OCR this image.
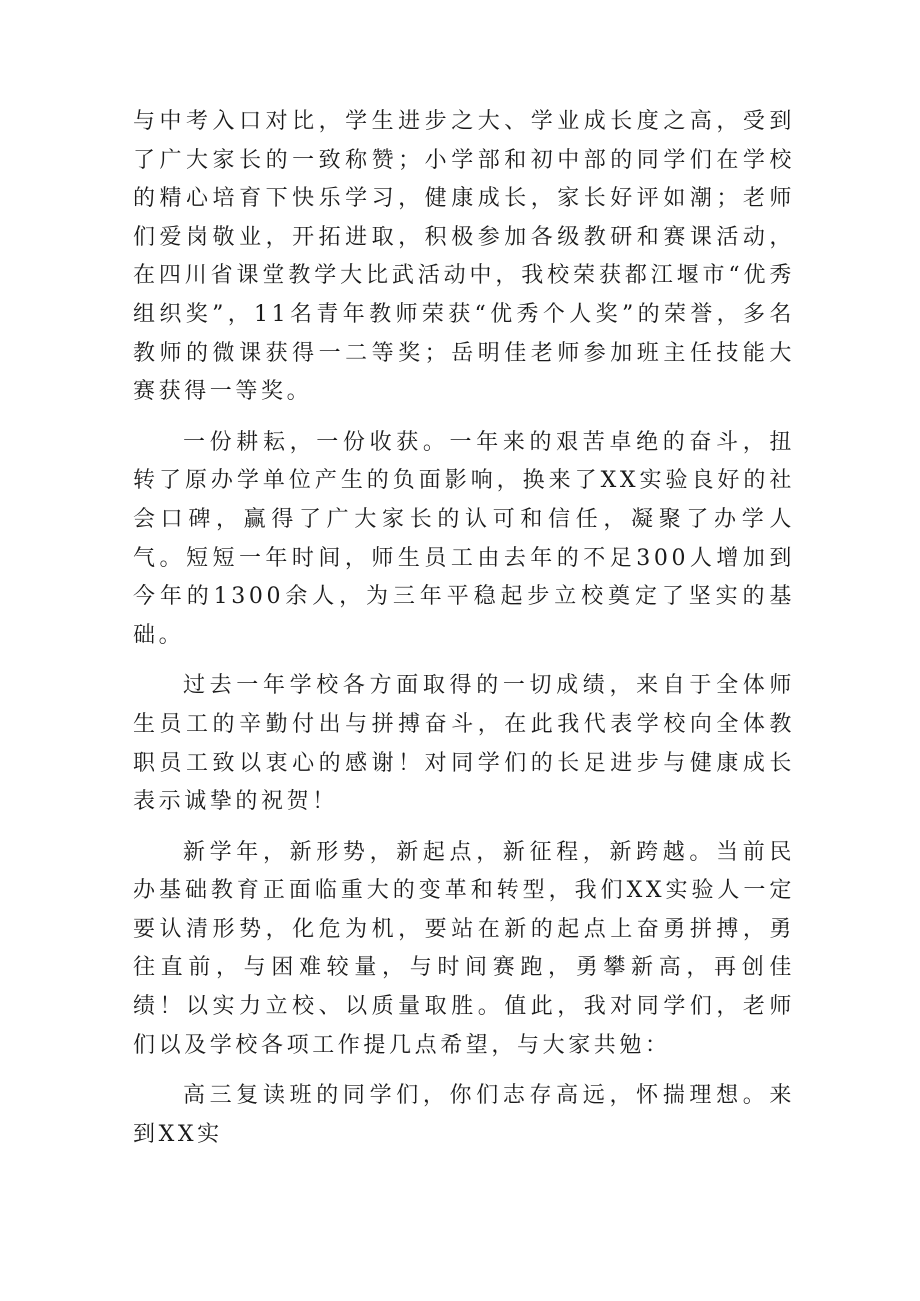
与中考入口对比，学生进步之大、学业成长度之高，受到了广大家长的一致称赞；小学部和初中部的同学们在学校的精心培育下快乐学习，健康成长，家长好评如潮；老师们爱岗敬业，开拓进取，积极参加各级教研和赛课活动，在四川省课堂教学大比武活动中，我校荣获都江堰市“优秀组织奖”，11名青年教师荣获“优秀个人奖”的荣誉，多名教师的微课获得一二等奖；岳明佳老师参加班主任技能大赛获得一等奖。

一份耕耘，一份收获。一年来的艰苦卓绝的奋斗，扭转了原办学单位产生的负面影响，换来了XX实验良好的社会口碑，赢得了广大家长的认可和信任，凝聚了办学人气。短短一年时间，师生员工由去年的不足300人增加到今年的1300余人，为三年平稳起步立校奠定了坚实的基础。

过去一年学校各方面取得的一切成绩，来自于全体师生员工的辛勤付出与拼搏奋斗，在此我代表学校向全体教职员工致以衷心的感谢！对同学们的长足进步与健康成长表示诚挚的祝贺！

新学年，新形势，新起点，新征程，新跨越。当前民办基础教育正面临重大的变革和转型，我们XX实验人一定要认清形势，化危为机，要站在新的起点上奋勇拼搏，勇往直前，与困难较量，与时间赛跑，勇攀新高，再创佳绩！以实力立校、以质量取胜。值此，我对同学们，老师们以及学校各项工作提几点希望，与大家共勉：

高三复读班的同学们，你们志存高远，怀揣理想。来到XX实
